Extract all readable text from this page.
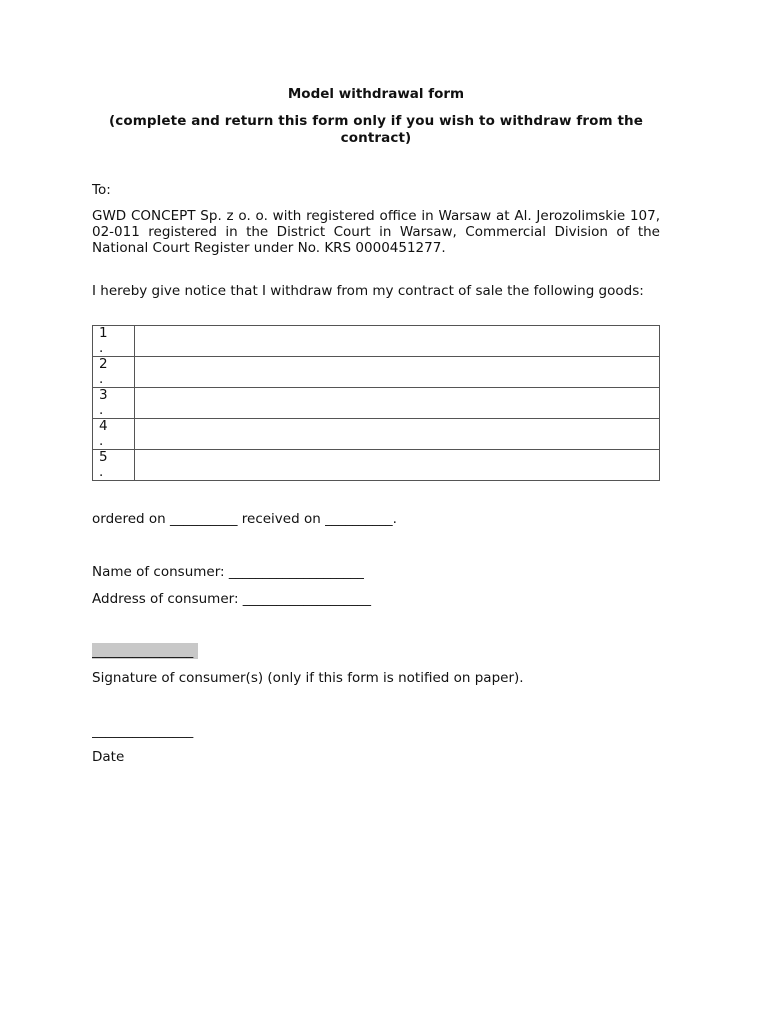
Model withdrawal form
(complete and return this form only if you wish to withdraw from the contract)
To:
GWD CONCEPT Sp. z o. o. with registered office in Warsaw at Al. Jerozolimskie 107, 02-011 registered in the District Court in Warsaw, Commercial Division of the National Court Register under No. KRS 0000451277.
I hereby give notice that I withdraw from my contract of sale the following goods:
1
.	

2
.	

3
.	

4
.	

5
.	

ordered on __________ received on __________.
Name of consumer: ____________________
Address of consumer: ___________________
_______________
Signature of consumer(s) (only if this form is notified on paper).
_______________
Date
